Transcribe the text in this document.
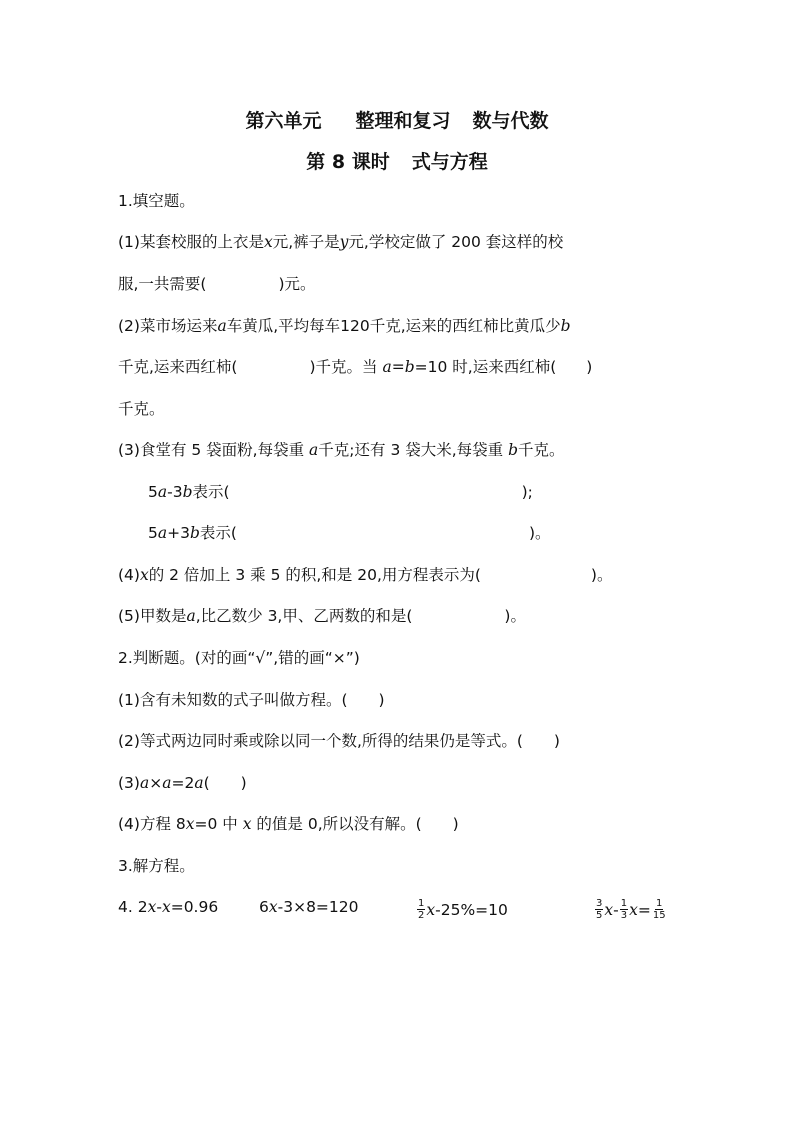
第六单元 整理和复习 数与代数
第 8 课时 式与方程
1.填空题。
(1)某套校服的上衣是x元,裤子是y元,学校定做了 200 套这样的校
服,一共需要(	)元。
(2)菜市场运来a车黄瓜,平均每车120千克,运来的西红柿比黄瓜少b
千克,运来西红柿(	)千克。当 a=b=10 时,运来西红柿( )
千克。
(3)食堂有 5 袋面粉,每袋重 a千克;还有 3 袋大米,每袋重 b千克。
5a-3b表示(	);
5a+3b表示(	)。
(4)x的 2 倍加上 3 乘 5 的积,和是 20,用方程表示为(	)。
(5)甲数是a,比乙数少 3,甲、乙两数的和是(	)。
2.判断题。(对的画“√”,错的画“×”)
(1)含有未知数的式子叫做方程。(　　)
(2)等式两边同时乘或除以同一个数,所得的结果仍是等式。(　　)
(3)a×a=2a(　　)
(4)方程 8x=0 中 x 的值是 0,所以没有解。(　　)
3.解方程。
4.
2 x - x =0.96	6 x -3×8=120	$\frac{1}{2}$ x -25%=10	$\frac{3}{5}$ x - $\frac{1}{3}$ $x = \frac{1}{15}$
